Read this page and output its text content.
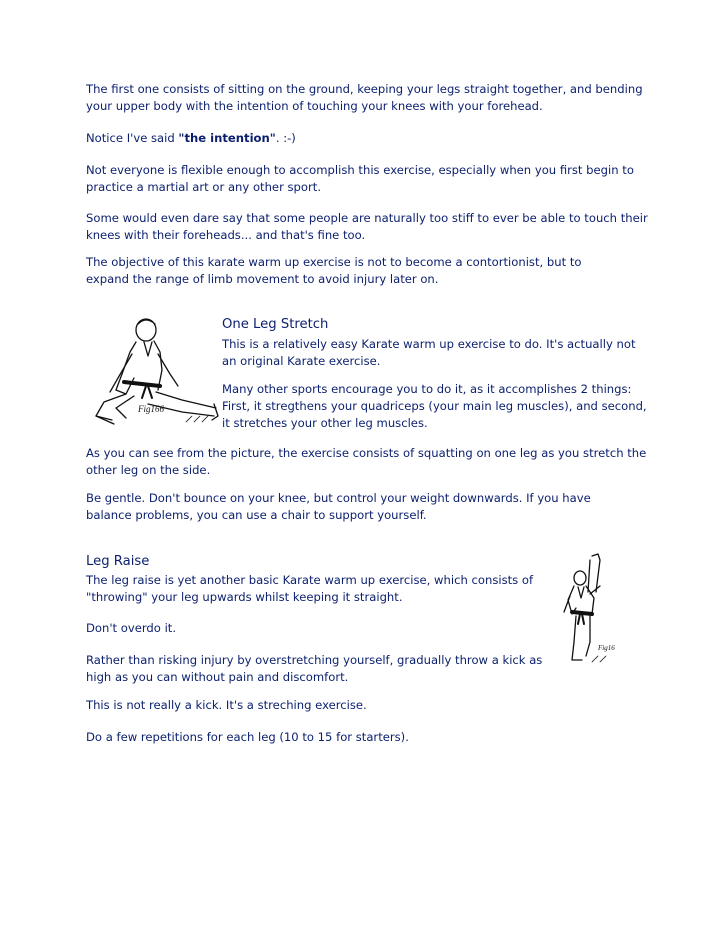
The first one consists of sitting on the ground, keeping your legs straight together, and bending your upper body with the intention of touching your knees with your forehead.

Notice I've said "the intention". :-)

Not everyone is flexible enough to accomplish this exercise, especially when you first begin to practice a martial art or any other sport.

Some would even dare say that some people are naturally too stiff to ever be able to touch their knees with their foreheads... and that's fine too.

The objective of this karate warm up exercise is not to become a contortionist, but to expand the range of limb movement to avoid injury later on.

Fig166
One Leg Stretch

This is a relatively easy Karate warm up exercise to do. It's actually not an original Karate exercise.

Many other sports encourage you to do it, as it accomplishes 2 things: First, it stregthens your quadriceps (your main leg muscles), and second, it stretches your other leg muscles.

As you can see from the picture, the exercise consists of squatting on one leg as you stretch the other leg on the side.

Be gentle. Don't bounce on your knee, but control your weight downwards. If you have balance problems, you can use a chair to support yourself.

Leg Raise

The leg raise is yet another basic Karate warm up exercise, which consists of "throwing" your leg upwards whilst keeping it straight.

Fig16

Don't overdo it.

Rather than risking injury by overstretching yourself, gradually throw a kick as high as you can without pain and discomfort.

This is not really a kick. It's a streching exercise.

Do a few repetitions for each leg (10 to 15 for starters).
